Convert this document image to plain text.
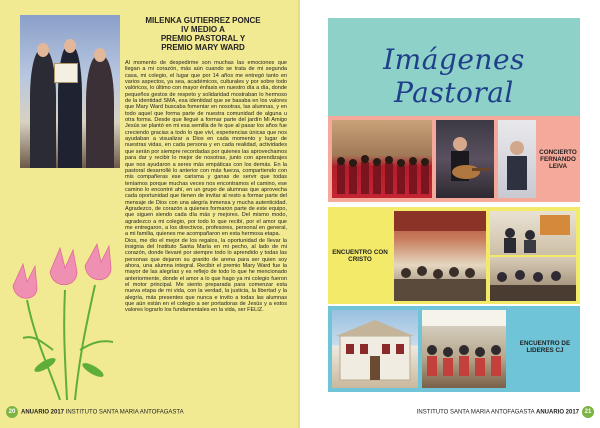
MILENKA GUTIERREZ PONCE
IV MEDIO A
PREMIO PASTORAL Y
PREMIO MARY WARD

Al momento de despedirme son muchas las emociones que llegan a mi corazón, más aún cuando se trata de mi segunda casa, mi colegio, el lugar que por 14 años me entregó tanto en varios aspectos, ya sea, académicos, culturales y por sobre todo valóricos, lo último con mayor énfasis en nuestro día a día, donde pequeños gestos de respeto y solidaridad mostraban lo hermoso de la identidad SMA, esa identidad que se basaba en los valores que Mary Ward buscaba fomentar en nosotras, las alumnas, y en todo aquel que forma parte de nuestra comunidad de alguna u otra forma. Desde que llegué a formar parte del jardín Mi Amigo Jesús se plantó en mi esa semilla de fe que al pasar los años fue creciendo gracias a todo lo que viví, experiencias únicas que nos ayudaban a visualizar a Dios en cada momento y lugar de nuestras vidas, en cada persona y en cada realidad, actividades que serán por siempre recordadas por quienes las aprovechamos para dar y recibir lo mejor de nosotras, junto con aprendizajes que nos ayudaron a seres más empáticas con los demás. En la pastoral desarrollé lo anterior con más fuerza, compartiendo con mis compañeras ese carisma y ganas de servir que todas teníamos porque muchas veces nos encontramos el camino, ese camino lo encontré ahí, en un grupo de alumnas que aprovecha cada oportunidad que tienen de invitar al resto a formar parte del mensaje de Dios con una alegría inmensa y mucha autenticidad. Agradezco, de corazón a quienes formaron parte de este equipo, que siguen siendo cada día más y mejores. Del mismo modo, agradezco a mi colegio, por todo lo que recibí, por el amor que me entregaron, a los directivos, profesores, personal en general, a mi familia, quienes me acompañaron en esta hermosa etapa.

Dios, me dio el mejor de los regalos, la oportunidad de llevar la insignia del Instituto Santa María en mi pecho, al lado de mi corazón, donde llevaré por siempre todo lo aprendido y todas las personas que dejaron su granito de arena para ser quien soy ahora, una alumna integral. Recibir el premio Mary Ward fue la mayor de las alegrías y es reflejo de todo lo que he mencionado anteriormente, donde el amor a lo que hago ya mi colegio fueron el motor principal. Me siento preparada para comenzar esta nueva etapa de mi vida, con la verdad, la justicia, la libertad y la alegría, más presentes que nunca e invito a todas las alumnas que aún están en el colegio a ser portadoras de Jesús y a estos valores lograrlo los fundamentales en la vida, ser FELIZ.

20 ANUARIO 2017 INSTITUTO SANTA MARIA ANTOFAGASTA
Imágenes Pastoral
CONCIERTO FERNANDO LEIVA
ENCUENTRO CON CRISTO
ENCUENTRO DE LIDERES CJ
INSTITUTO SANTA MARIA ANTOFAGASTA ANUARIO 2017 21
